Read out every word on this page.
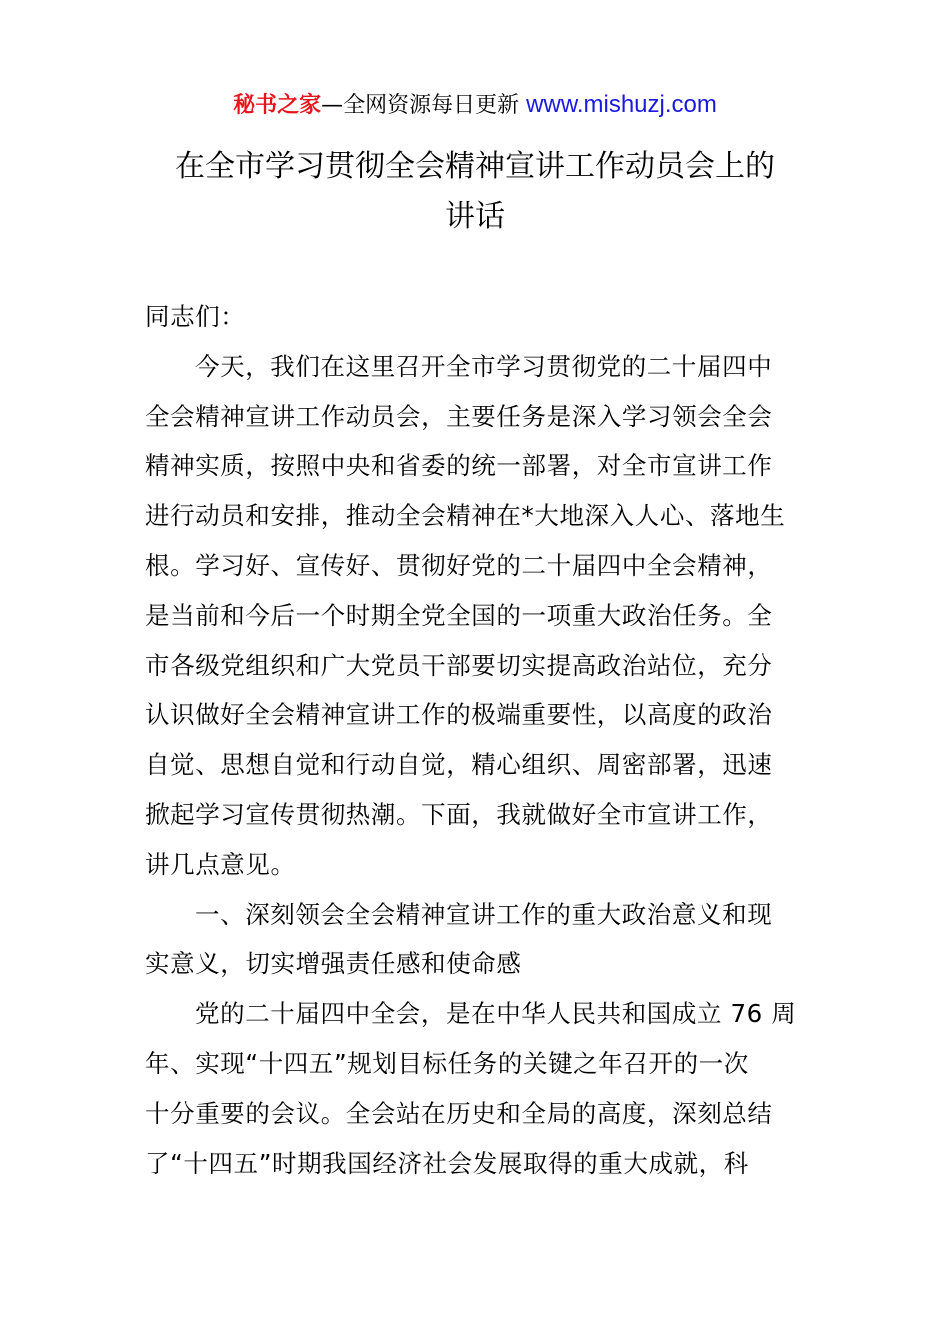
秘书之家—全网资源每日更新 www.mishuzj.com
在全市学习贯彻全会精神宣讲工作动员会上的
讲话
同志们：
今天，我们在这里召开全市学习贯彻党的二十届四中
全会精神宣讲工作动员会，主要任务是深入学习领会全会
精神实质，按照中央和省委的统一部署，对全市宣讲工作
进行动员和安排，推动全会精神在*大地深入人心、落地生
根。学习好、宣传好、贯彻好党的二十届四中全会精神，
是当前和今后一个时期全党全国的一项重大政治任务。全
市各级党组织和广大党员干部要切实提高政治站位，充分
认识做好全会精神宣讲工作的极端重要性，以高度的政治
自觉、思想自觉和行动自觉，精心组织、周密部署，迅速
掀起学习宣传贯彻热潮。下面，我就做好全市宣讲工作，
讲几点意见。
一、深刻领会全会精神宣讲工作的重大政治意义和现
实意义，切实增强责任感和使命感
党的二十届四中全会，是在中华人民共和国成立 76 周
年、实现“十四五”规划目标任务的关键之年召开的一次
十分重要的会议。全会站在历史和全局的高度，深刻总结
了“十四五”时期我国经济社会发展取得的重大成就，科
